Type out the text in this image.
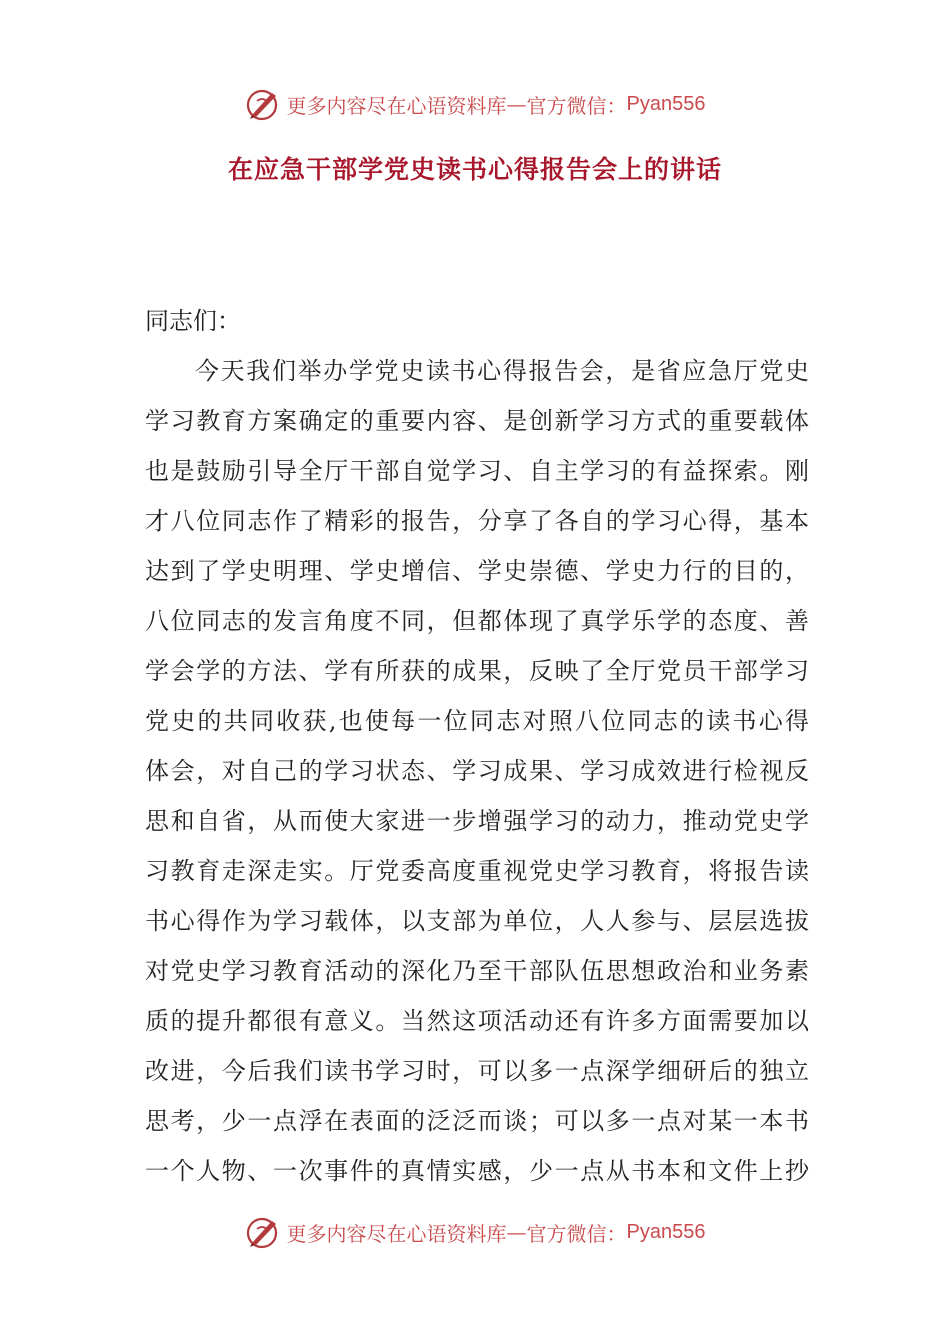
更多内容尽在心语资料库 — 官方微信： Pyan556
在应急干部学党史读书心得报告会上的讲话
同志们：
今天我们举办学党史读书心得报告会，是省应急厅党史
学习教育方案确定的重要内容、是创新学习方式的重要载体
也是鼓励引导全厅干部自觉学习、自主学习的有益探索。刚
才八位同志作了精彩的报告，分享了各自的学习心得，基本
达到了学史明理、学史增信、学史崇德、学史力行的目的，
八位同志的发言角度不同，但都体现了真学乐学的态度、善
学会学的方法、学有所获的成果，反映了全厅党员干部学习
党史的共同收获,也使每一位同志对照八位同志的读书心得
体会，对自己的学习状态、学习成果、学习成效进行检视反
思和自省，从而使大家进一步增强学习的动力，推动党史学
习教育走深走实。厅党委高度重视党史学习教育，将报告读
书心得作为学习载体，以支部为单位，人人参与、层层选拔
对党史学习教育活动的深化乃至干部队伍思想政治和业务素
质的提升都很有意义。当然这项活动还有许多方面需要加以
改进，今后我们读书学习时，可以多一点深学细研后的独立
思考，少一点浮在表面的泛泛而谈；可以多一点对某一本书
一个人物、一次事件的真情实感，少一点从书本和文件上抄
更多内容尽在心语资料库 — 官方微信： Pyan556
